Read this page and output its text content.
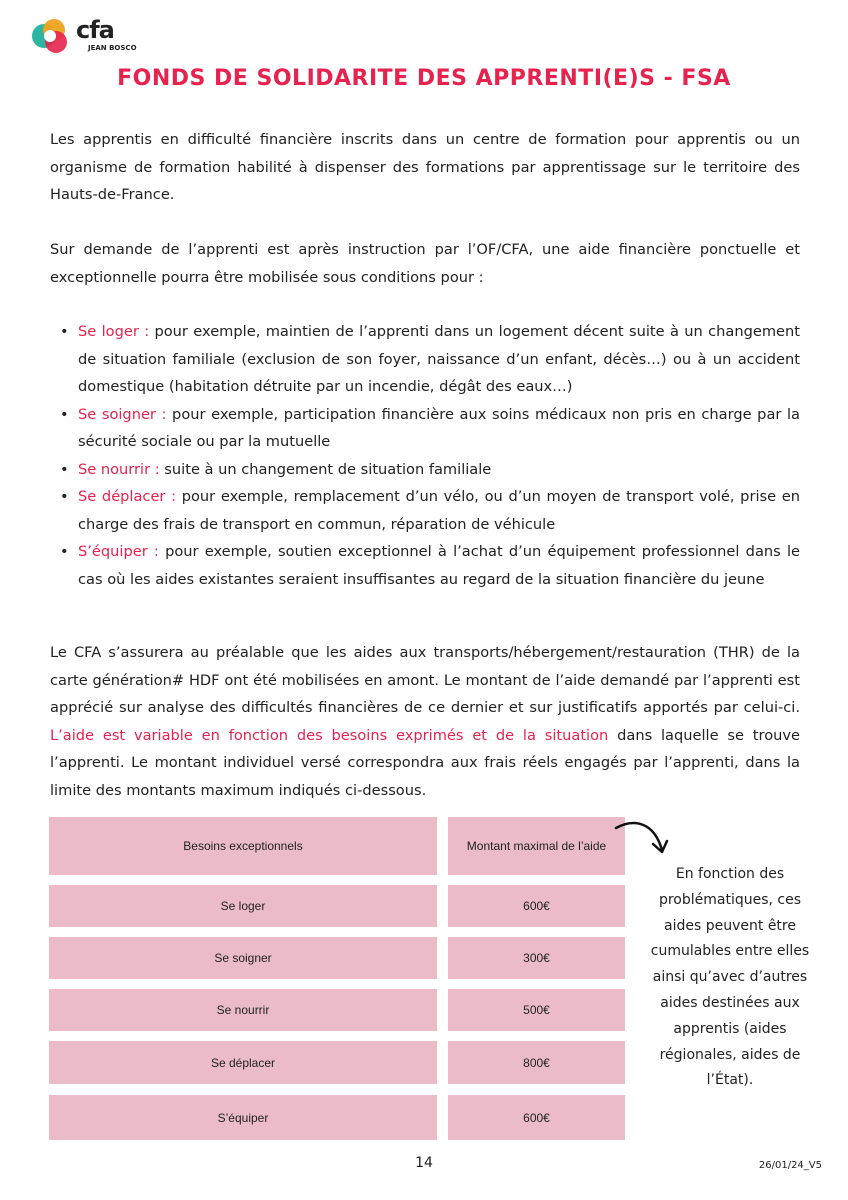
cfa
JEAN BOSCO
FONDS DE SOLIDARITE DES APPRENTI(E)S - FSA
Les apprentis en difficulté financière inscrits dans un centre de formation pour apprentis ou un organisme de formation habilité à dispenser des formations par apprentissage sur le territoire des Hauts-de-France.
Sur demande de l’apprenti est après instruction par l’OF/CFA, une aide financière ponctuelle et exceptionnelle pourra être mobilisée sous conditions pour :
• Se loger : pour exemple, maintien de l’apprenti dans un logement décent suite à un changement de situation familiale (exclusion de son foyer, naissance d’un enfant, décès…) ou à un accident domestique (habitation détruite par un incendie, dégât des eaux…)
• Se soigner : pour exemple, participation financière aux soins médicaux non pris en charge par la sécurité sociale ou par la mutuelle
• Se nourrir : suite à un changement de situation familiale
• Se déplacer : pour exemple, remplacement d’un vélo, ou d’un moyen de transport volé, prise en charge des frais de transport en commun, réparation de véhicule
• S’équiper : pour exemple, soutien exceptionnel à l’achat d’un équipement professionnel dans le cas où les aides existantes seraient insuffisantes au regard de la situation financière du jeune
Le CFA s’assurera au préalable que les aides aux transports/hébergement/restauration (THR) de la carte génération# HDF ont été mobilisées en amont. Le montant de l’aide demandé par l’apprenti est apprécié sur analyse des difficultés financières de ce dernier et sur justificatifs apportés par celui-ci. L’aide est variable en fonction des besoins exprimés et de la situation dans laquelle se trouve l’apprenti. Le montant individuel versé correspondra aux frais réels engagés par l’apprenti, dans la limite des montants maximum indiqués ci-dessous.
Besoins exceptionnels	Montant maximal de l’aide
Se loger	600€
Se soigner	300€
Se nourrir	500€
Se déplacer	800€
S’équiper	600€
En fonction des problématiques, ces aides peuvent être cumulables entre elles ainsi qu’avec d’autres aides destinées aux apprentis (aides régionales, aides de l’État).
14	26/01/24_V5
